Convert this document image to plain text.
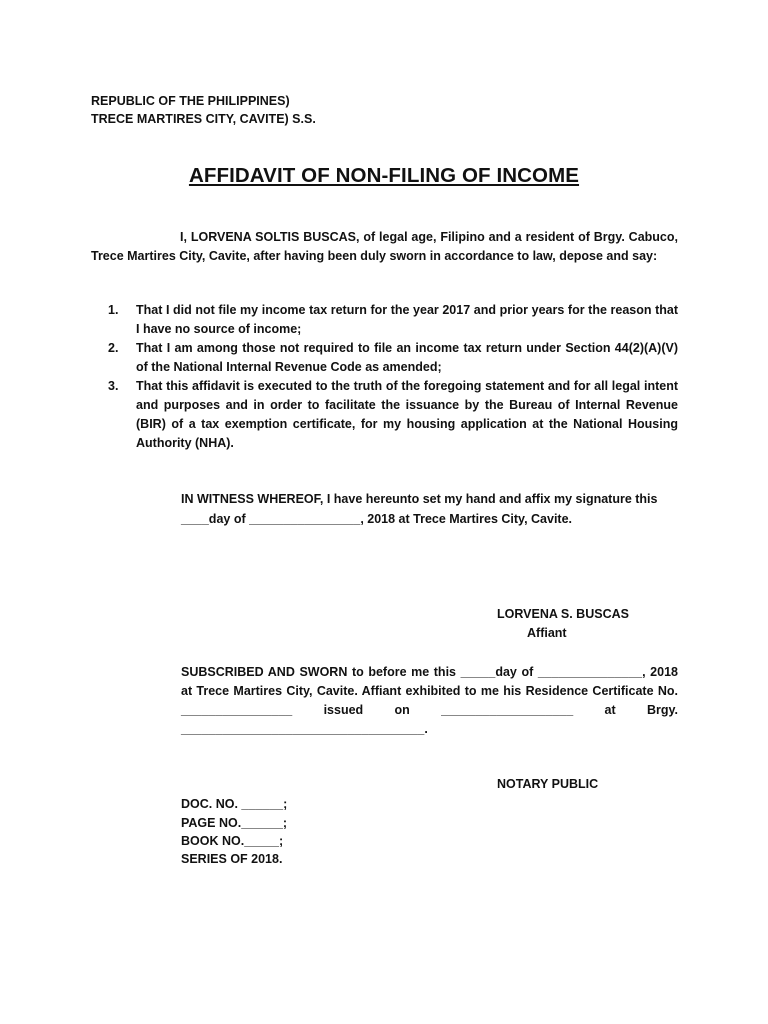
REPUBLIC OF THE PHILIPPINES)
TRECE MARTIRES CITY, CAVITE) S.S.
AFFIDAVIT OF NON-FILING OF INCOME
I, LORVENA SOLTIS BUSCAS, of legal age, Filipino and a resident of Brgy. Cabuco, Trece Martires City, Cavite, after having been duly sworn in accordance to law, depose and say:
1. That I did not file my income tax return for the year 2017 and prior years for the reason that I have no source of income;
2. That I am among those not required to file an income tax return under Section 44(2)(A)(V) of the National Internal Revenue Code as amended;
3. That this affidavit is executed to the truth of the foregoing statement and for all legal intent and purposes and in order to facilitate the issuance by the Bureau of Internal Revenue (BIR) of a tax exemption certificate, for my housing application at the National Housing Authority (NHA).
IN WITNESS WHEREOF, I have hereunto set my hand and affix my signature this
____day of ________________, 2018 at Trece Martires City, Cavite.
LORVENA S. BUSCAS
Affiant
SUBSCRIBED AND SWORN to before me this _____day of _______________, 2018 at Trece Martires City, Cavite. Affiant exhibited to me his Residence Certificate No. ________________ issued on ___________________ at Brgy. ___________________________________.
NOTARY PUBLIC
DOC. NO. ______;
PAGE NO.______;
BOOK NO._____;
SERIES OF 2018.
